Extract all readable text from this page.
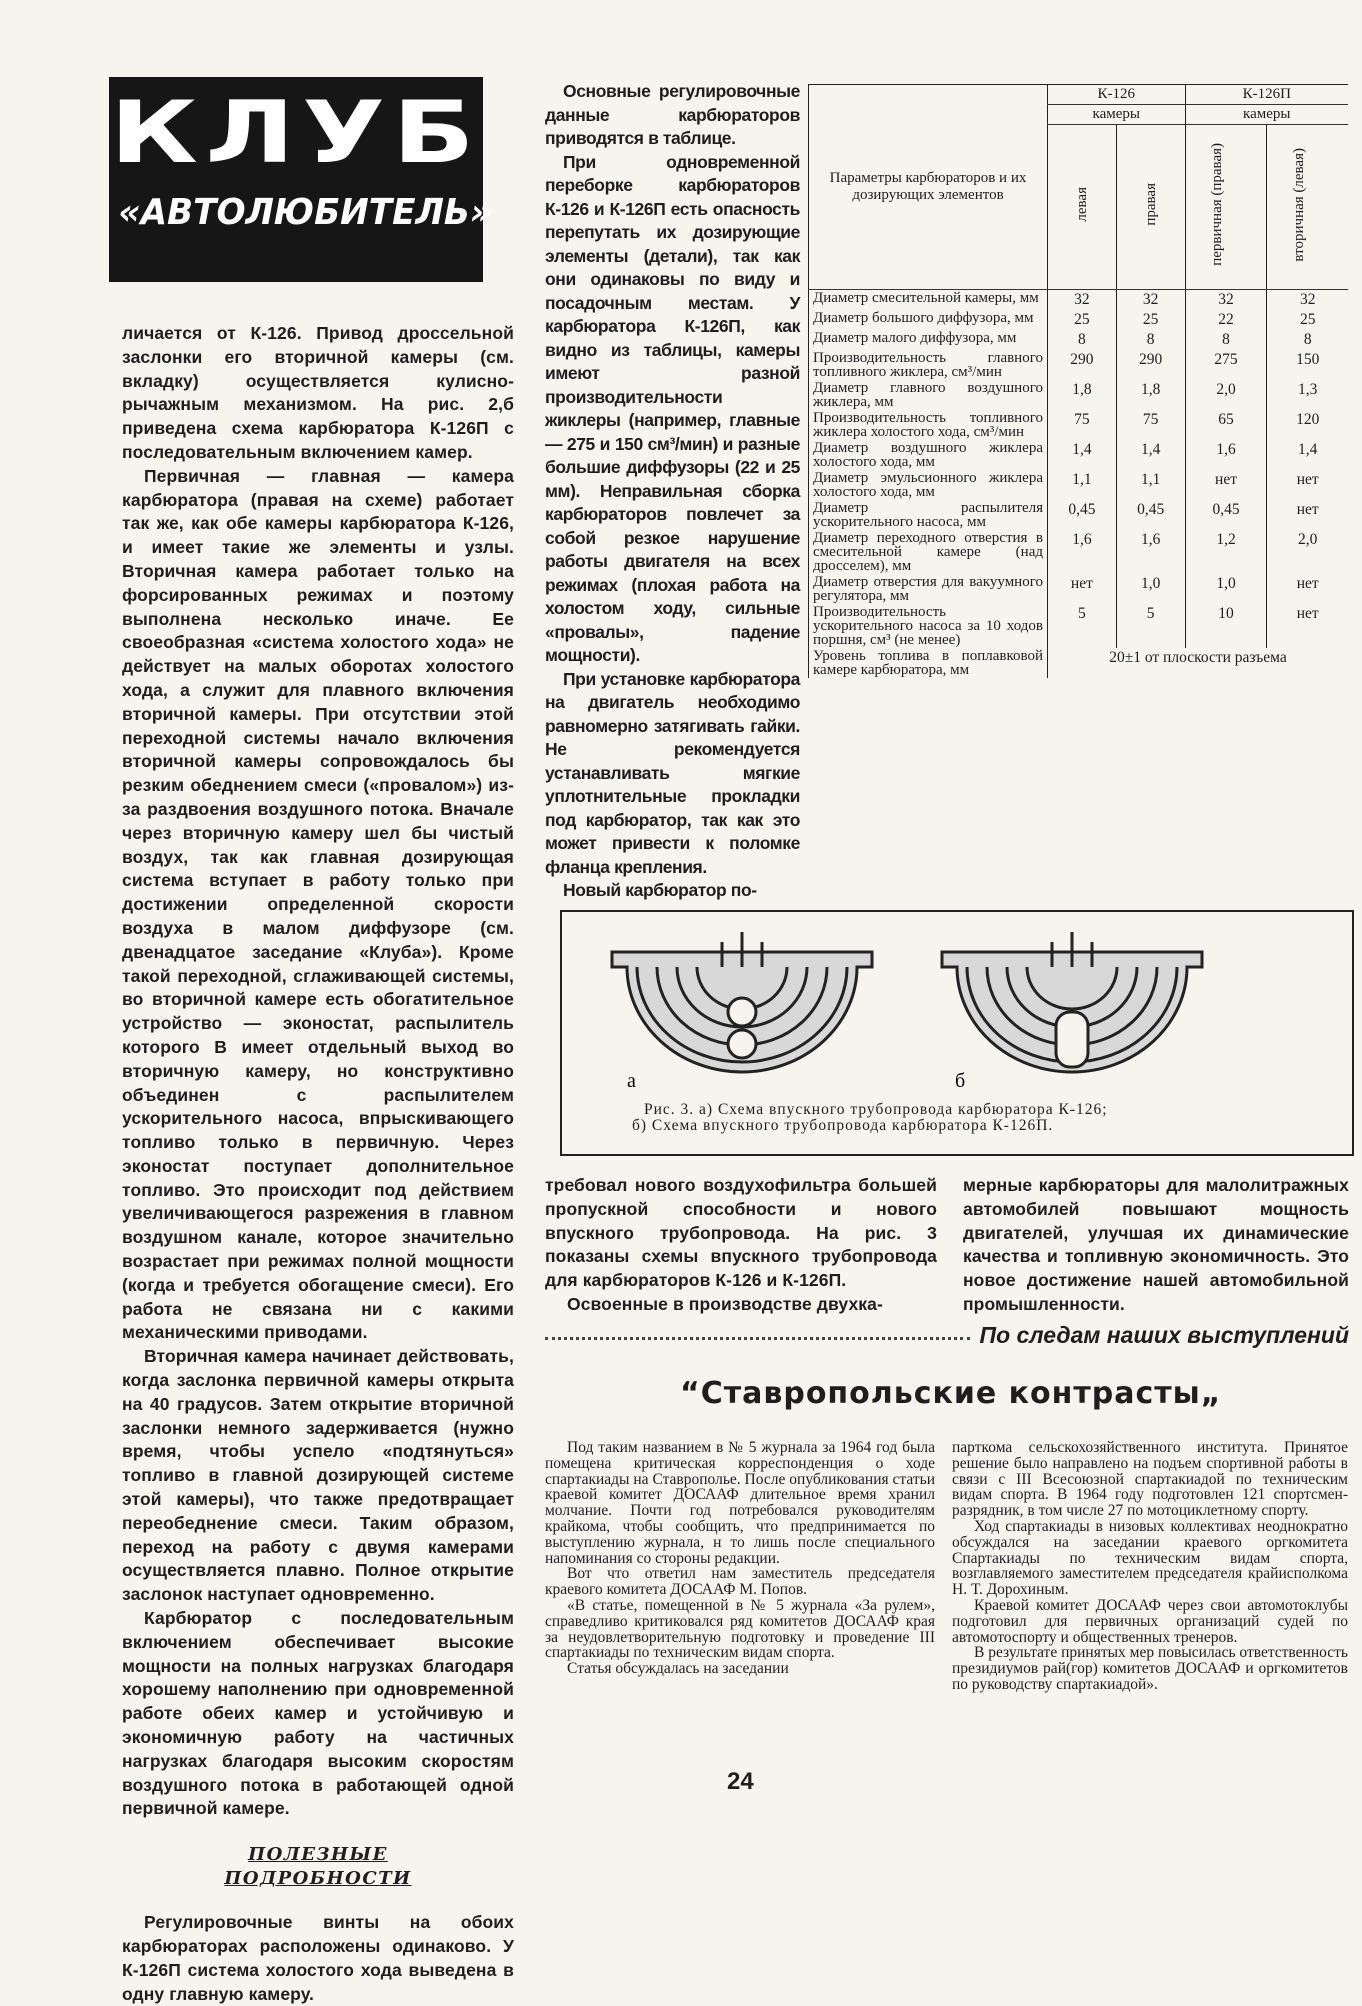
КЛУБ
«АВТОЛЮБИТЕЛЬ»

личается от К-126. Привод дроссельной заслонки его вторичной камеры (см. вкладку) осуществляется кулисно-рычажным механизмом. На рис. 2,б приведена схема карбюратора К-126П с последовательным включением камер.

Первичная — главная — камера карбюратора (правая на схеме) работает так же, как обе камеры карбюратора К-126, и имеет такие же элементы и узлы. Вторичная камера работает только на форсированных режимах и поэтому выполнена несколько иначе. Ее своеобразная «система холостого хода» не действует на малых оборотах холостого хода, а служит для плавного включения вторичной камеры. При отсутствии этой переходной системы начало включения вторичной камеры сопровождалось бы резким обеднением смеси («провалом») из-за раздвоения воздушного потока. Вначале через вторичную камеру шел бы чистый воздух, так как главная дозирующая система вступает в работу только при достижении определенной скорости воздуха в малом диффузоре (см. двенадцатое заседание «Клуба»). Кроме такой переходной, сглаживающей системы, во вторичной камере есть обогатительное устройство — эконостат, распылитель которого В имеет отдельный выход во вторичную камеру, но конструктивно объединен с распылителем ускорительного насоса, впрыскивающего топливо только в первичную. Через эконостат поступает дополнительное топливо. Это происходит под действием увеличивающегося разрежения в главном воздушном канале, которое значительно возрастает при режимах полной мощности (когда и требуется обогащение смеси). Его работа не связана ни с какими механическими приводами.

Вторичная камера начинает действовать, когда заслонка первичной камеры открыта на 40 градусов. Затем открытие вторичной заслонки немного задерживается (нужно время, чтобы успело «подтянуться» топливо в главной дозирующей системе этой камеры), что также предотвращает переобеднение смеси. Таким образом, переход на работу с двумя камерами осуществляется плавно. Полное открытие заслонок наступает одновременно.

Карбюратор с последовательным включением обеспечивает высокие мощности на полных нагрузках благодаря хорошему наполнению при одновременной работе обеих камер и устойчивую и экономичную работу на частичных нагрузках благодаря высоким скоростям воздушного потока в работающей одной первичной камере.

ПОЛЕЗНЫЕ
ПОДРОБНОСТИ

Регулировочные винты на обоих карбюраторах расположены одинаково. У К-126П система холостого хода выведена в одну главную камеру.

Основные регулировочные данные карбюраторов приводятся в таблице.

При одновременной переборке карбюраторов К-126 и К-126П есть опасность перепутать их дозирующие элементы (детали), так как они одинаковы по виду и посадочным местам. У карбюратора К-126П, как видно из таблицы, камеры имеют разной производительности жиклеры (например, главные — 275 и 150 см³/мин) и разные большие диффузоры (22 и 25 мм). Неправильная сборка карбюраторов повлечет за собой резкое нарушение работы двигателя на всех режимах (плохая работа на холостом ходу, сильные «провалы», падение мощности).

При установке карбюратора на двигатель необходимо равномерно затягивать гайки. Не рекомендуется устанавливать мягкие уплотнительные прокладки под карбюратор, так как это может привести к поломке фланца крепления.

Новый карбюратор по-

Параметры карбюраторов и их дозирующих элементов	К-126		К-126П	
	камеры		камеры	
	левая	правая	первичная (правая)	вторичная (левая)
Диаметр смесительной камеры, мм	32	32	32	32
Диаметр большого диффузора, мм	25	25	22	25
Диаметр малого диффузора, мм	8	8	8	8
Производительность главного топливного жиклера, см³/мин	290	290	275	150
Диаметр главного воздушного жиклера, мм	1,8	1,8	2,0	1,3
Производительность топливного жиклера холостого хода, см³/мин	75	75	65	120
Диаметр воздушного жиклера холостого хода, мм	1,4	1,4	1,6	1,4
Диаметр эмульсионного жиклера холостого хода, мм	1,1	1,1	нет	нет
Диаметр распылителя ускорительного насоса, мм	0,45	0,45	0,45	нет
Диаметр переходного отверстия в смесительной камере (над дросселем), мм	1,6	1,6	1,2	2,0
Диаметр отверстия для вакуумного регулятора, мм	нет	1,0	1,0	нет
Производительность ускорительного насоса за 10 ходов поршня, см³ (не менее)	5	5	10	нет
Уровень топлива в поплавковой камере карбюратора, мм	20±1 от плоскости разъема			
а	б
Рис. 3. а) Схема впускного трубопровода карбюратора К-126;
б) Схема впускного трубопровода карбюратора К-126П.

требовал нового воздухофильтра большей пропускной способности и нового впускного трубопровода. На рис. 3 показаны схемы впускного трубопровода для карбюраторов К-126 и К-126П.

Освоенные в производстве двухка-

мерные карбюраторы для малолитражных автомобилей повышают мощность двигателей, улучшая их динамические качества и топливную экономичность. Это новое достижение нашей автомобильной промышленности.

По следам наших выступлений
“Ставропольские контрасты„

Под таким названием в № 5 журнала за 1964 год была помещена критическая корреспонденция о ходе спартакиады на Ставрополье. После опубликования статьи краевой комитет ДОСААФ длительное время хранил молчание. Почти год потребовался руководителям крайкома, чтобы сообщить, что предпринимается по выступлению журнала, н то лишь после специального напоминания со стороны редакции.

Вот что ответил нам заместитель председателя краевого комитета ДОСААФ М. Попов.

«В статье, помещенной в № 5 журнала «За рулем», справедливо критиковался ряд комитетов ДОСААФ края за неудовлетворительную подготовку и проведение III спартакиады по техническим видам спорта.

Статья обсуждалась на заседании

парткома сельскохозяйственного института. Принятое решение было направлено на подъем спортивной работы в связи с III Всесоюзной спартакиадой по техническим видам спорта. В 1964 году подготовлен 121 спортсмен-разрядник, в том числе 27 по мотоциклетному спорту.

Ход спартакиады в низовых коллективах неоднократно обсуждался на заседании краевого оргкомитета Спартакиады по техническим видам спорта, возглавляемого заместителем председателя крайисполкома Н. Т. Дорохиным.

Краевой комитет ДОСААФ через свои автомотоклубы подготовил для первичных организаций судей по автомотоспорту и общественных тренеров.

В результате принятых мер повысилась ответственность президиумов рай(гор) комитетов ДОСААФ и оргкомитетов по руководству спартакиадой».

24
